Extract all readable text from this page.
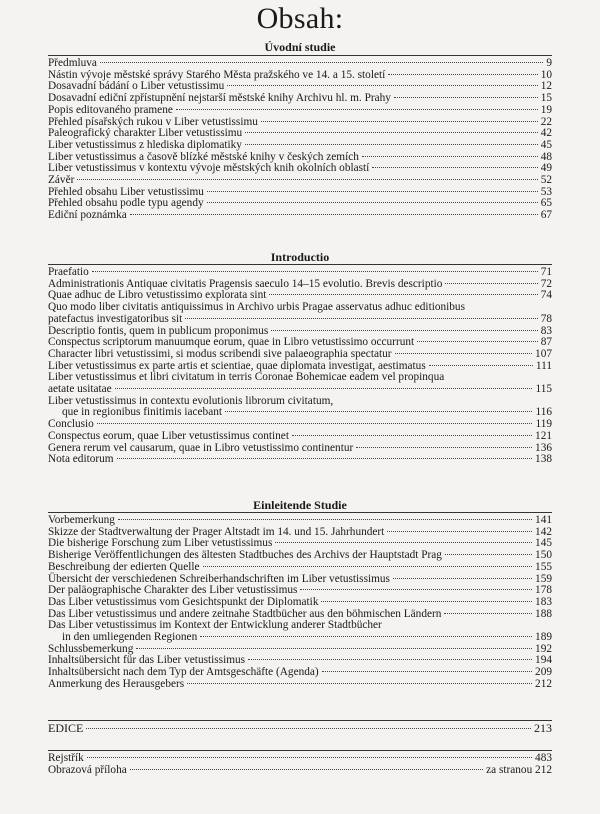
Obsah:
Úvodní studie
Předmluva	9
Nástin vývoje městské správy Starého Města pražského ve 14. a 15. století	10
Dosavadní bádání o Liber vetustissimu	12
Dosavadní ediční zpřístupnění nejstarší městské knihy Archivu hl. m. Prahy	15
Popis editovaného pramene	19
Přehled písařských rukou v Liber vetustissimu	22
Paleografický charakter Liber vetustissimu	42
Liber vetustissimus z hlediska diplomatiky	45
Liber vetustissimus a časově blízké městské knihy v českých zemích	48
Liber vetustissimus v kontextu vývoje městských knih okolních oblastí	49
Závěr	52
Přehled obsahu Liber vetustissimu	53
Přehled obsahu podle typu agendy	65
Ediční poznámka	67
Introductio
Praefatio	71
Administrationis Antiquae civitatis Pragensis saeculo 14–15 evolutio. Brevis descriptio	72
Quae adhuc de Libro vetustissimo explorata sint	74
Quo modo liber civitatis antiquissimus in Archivo urbis Pragae asservatus adhuc editionibus
patefactus investigatoribus sit	78
Descriptio fontis, quem in publicum proponimus	83
Conspectus scriptorum manuumque eorum, quae in Libro vetustissimo occurrunt	87
Character libri vetustissimi, si modus scribendi sive palaeographia spectatur	107
Liber vetustissimus ex parte artis et scientiae, quae diplomata investigat, aestimatus	111
Liber vetustissimus et libri civitatum in terris Coronae Bohemicae eadem vel propinqua
aetate usitatae	115
Liber vetustissimus in contextu evolutionis librorum civitatum,
que in regionibus finitimis iacebant	116
Conclusio	119
Conspectus eorum, quae Liber vetustissimus continet	121
Genera rerum vel causarum, quae in Libro vetustissimo continentur	136
Nota editorum	138
Einleitende Studie
Vorbemerkung	141
Skizze der Stadtverwaltung der Prager Altstadt im 14. und 15. Jahrhundert	142
Die bisherige Forschung zum Liber vetustissimus	145
Bisherige Veröffentlichungen des ältesten Stadtbuches des Archivs der Hauptstadt Prag	150
Beschreibung der edierten Quelle	155
Übersicht der verschiedenen Schreiberhandschriften im Liber vetustissimus	159
Der paläographische Charakter des Liber vetustissimus	178
Das Liber vetustissimus vom Gesichtspunkt der Diplomatik	183
Das Liber vetustissimus und andere zeitnahe Stadtbücher aus den böhmischen Ländern	188
Das Liber vetustissimus im Kontext der Entwicklung anderer Stadtbücher
in den umliegenden Regionen	189
Schlussbemerkung	192
Inhaltsübersicht für das Liber vetustissimus	194
Inhaltsübersicht nach dem Typ der Amtsgeschäfte (Agenda)	209
Anmerkung des Herausgebers	212
EDICE	213
Rejstřík	483
Obrazová příloha	za stranou 212
